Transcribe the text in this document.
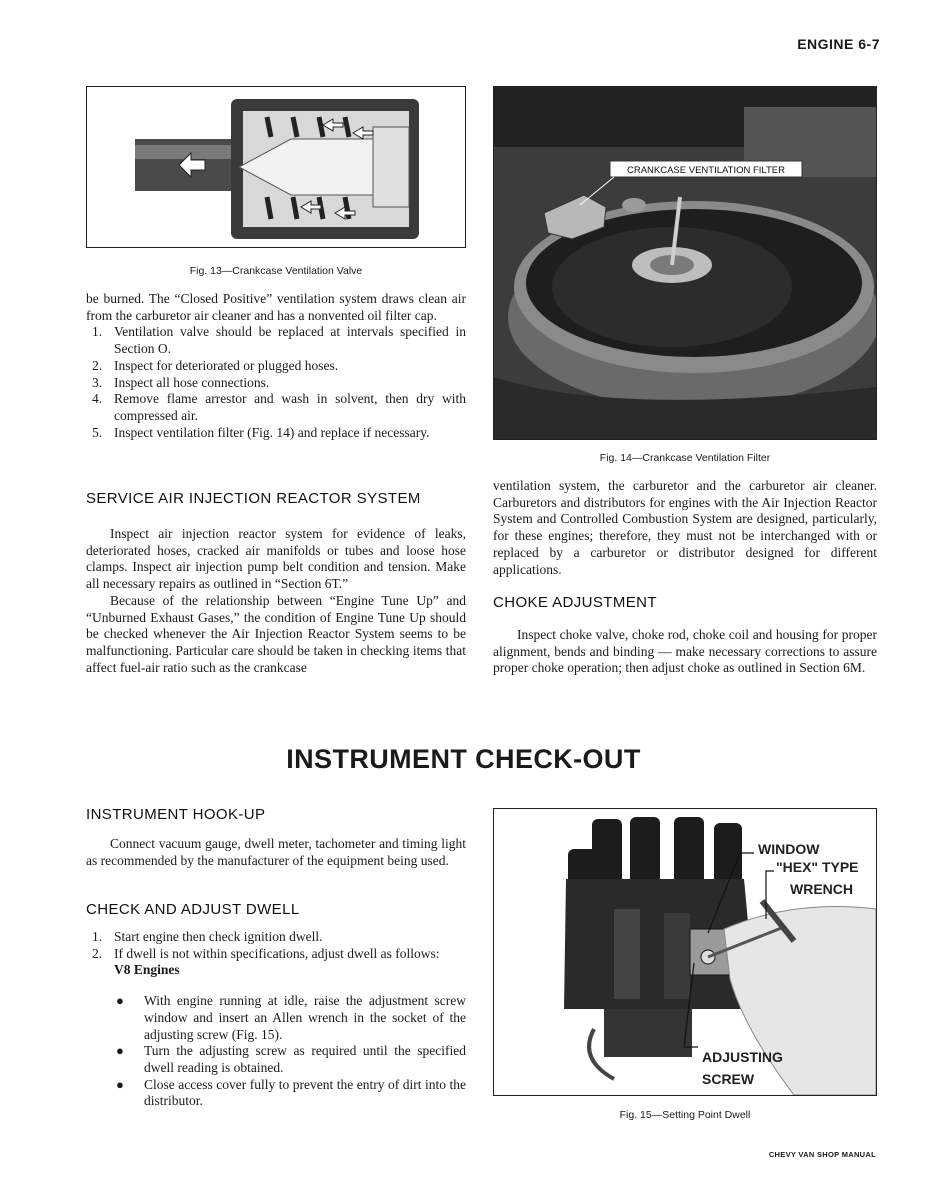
ENGINE 6-7
Fig. 13—Crankcase Ventilation Valve
CRANKCASE VENTILATION FILTER
Fig. 14—Crankcase Ventilation Filter

be burned. The “Closed Positive” ventilation system draws clean air from the carburetor air cleaner and has a nonvented oil filter cap.

1. Ventilation valve should be replaced at intervals specified in Section O.
2. Inspect for deteriorated or plugged hoses.
3. Inspect all hose connections.
4. Remove flame arrestor and wash in solvent, then dry with compressed air.
5. Inspect ventilation filter (Fig. 14) and replace if necessary.
SERVICE AIR INJECTION REACTOR SYSTEM

Inspect air injection reactor system for evidence of leaks, deteriorated hoses, cracked air manifolds or tubes and loose hose clamps. Inspect air injection pump belt condition and tension. Make all necessary repairs as outlined in “Section 6T.”

Because of the relationship between “Engine Tune Up” and “Unburned Exhaust Gases,” the condition of Engine Tune Up should be checked whenever the Air Injection Reactor System seems to be malfunctioning. Particular care should be taken in checking items that affect fuel-air ratio such as the crankcase

ventilation system, the carburetor and the carburetor air cleaner. Carburetors and distributors for engines with the Air Injection Reactor System and Controlled Combustion System are designed, particularly, for these engines; therefore, they must not be interchanged with or replaced by a carburetor or distributor designed for different applications.

CHOKE ADJUSTMENT

Inspect choke valve, choke rod, choke coil and housing for proper alignment, bends and binding — make necessary corrections to assure proper choke operation; then adjust choke as outlined in Section 6M.

INSTRUMENT CHECK-OUT
INSTRUMENT HOOK-UP

Connect vacuum gauge, dwell meter, tachometer and timing light as recommended by the manufacturer of the equipment being used.

CHECK AND ADJUST DWELL
1. Start engine then check ignition dwell.
2. If dwell is not within specifications, adjust dwell as follows:
V8 Engines
● With engine running at idle, raise the adjustment screw window and insert an Allen wrench in the socket of the adjusting screw (Fig. 15).
● Turn the adjusting screw as required until the specified dwell reading is obtained.
● Close access cover fully to prevent the entry of dirt into the distributor.
WINDOW
"HEX" TYPE
WRENCH
ADJUSTING
SCREW
Fig. 15—Setting Point Dwell
CHEVY VAN SHOP MANUAL
